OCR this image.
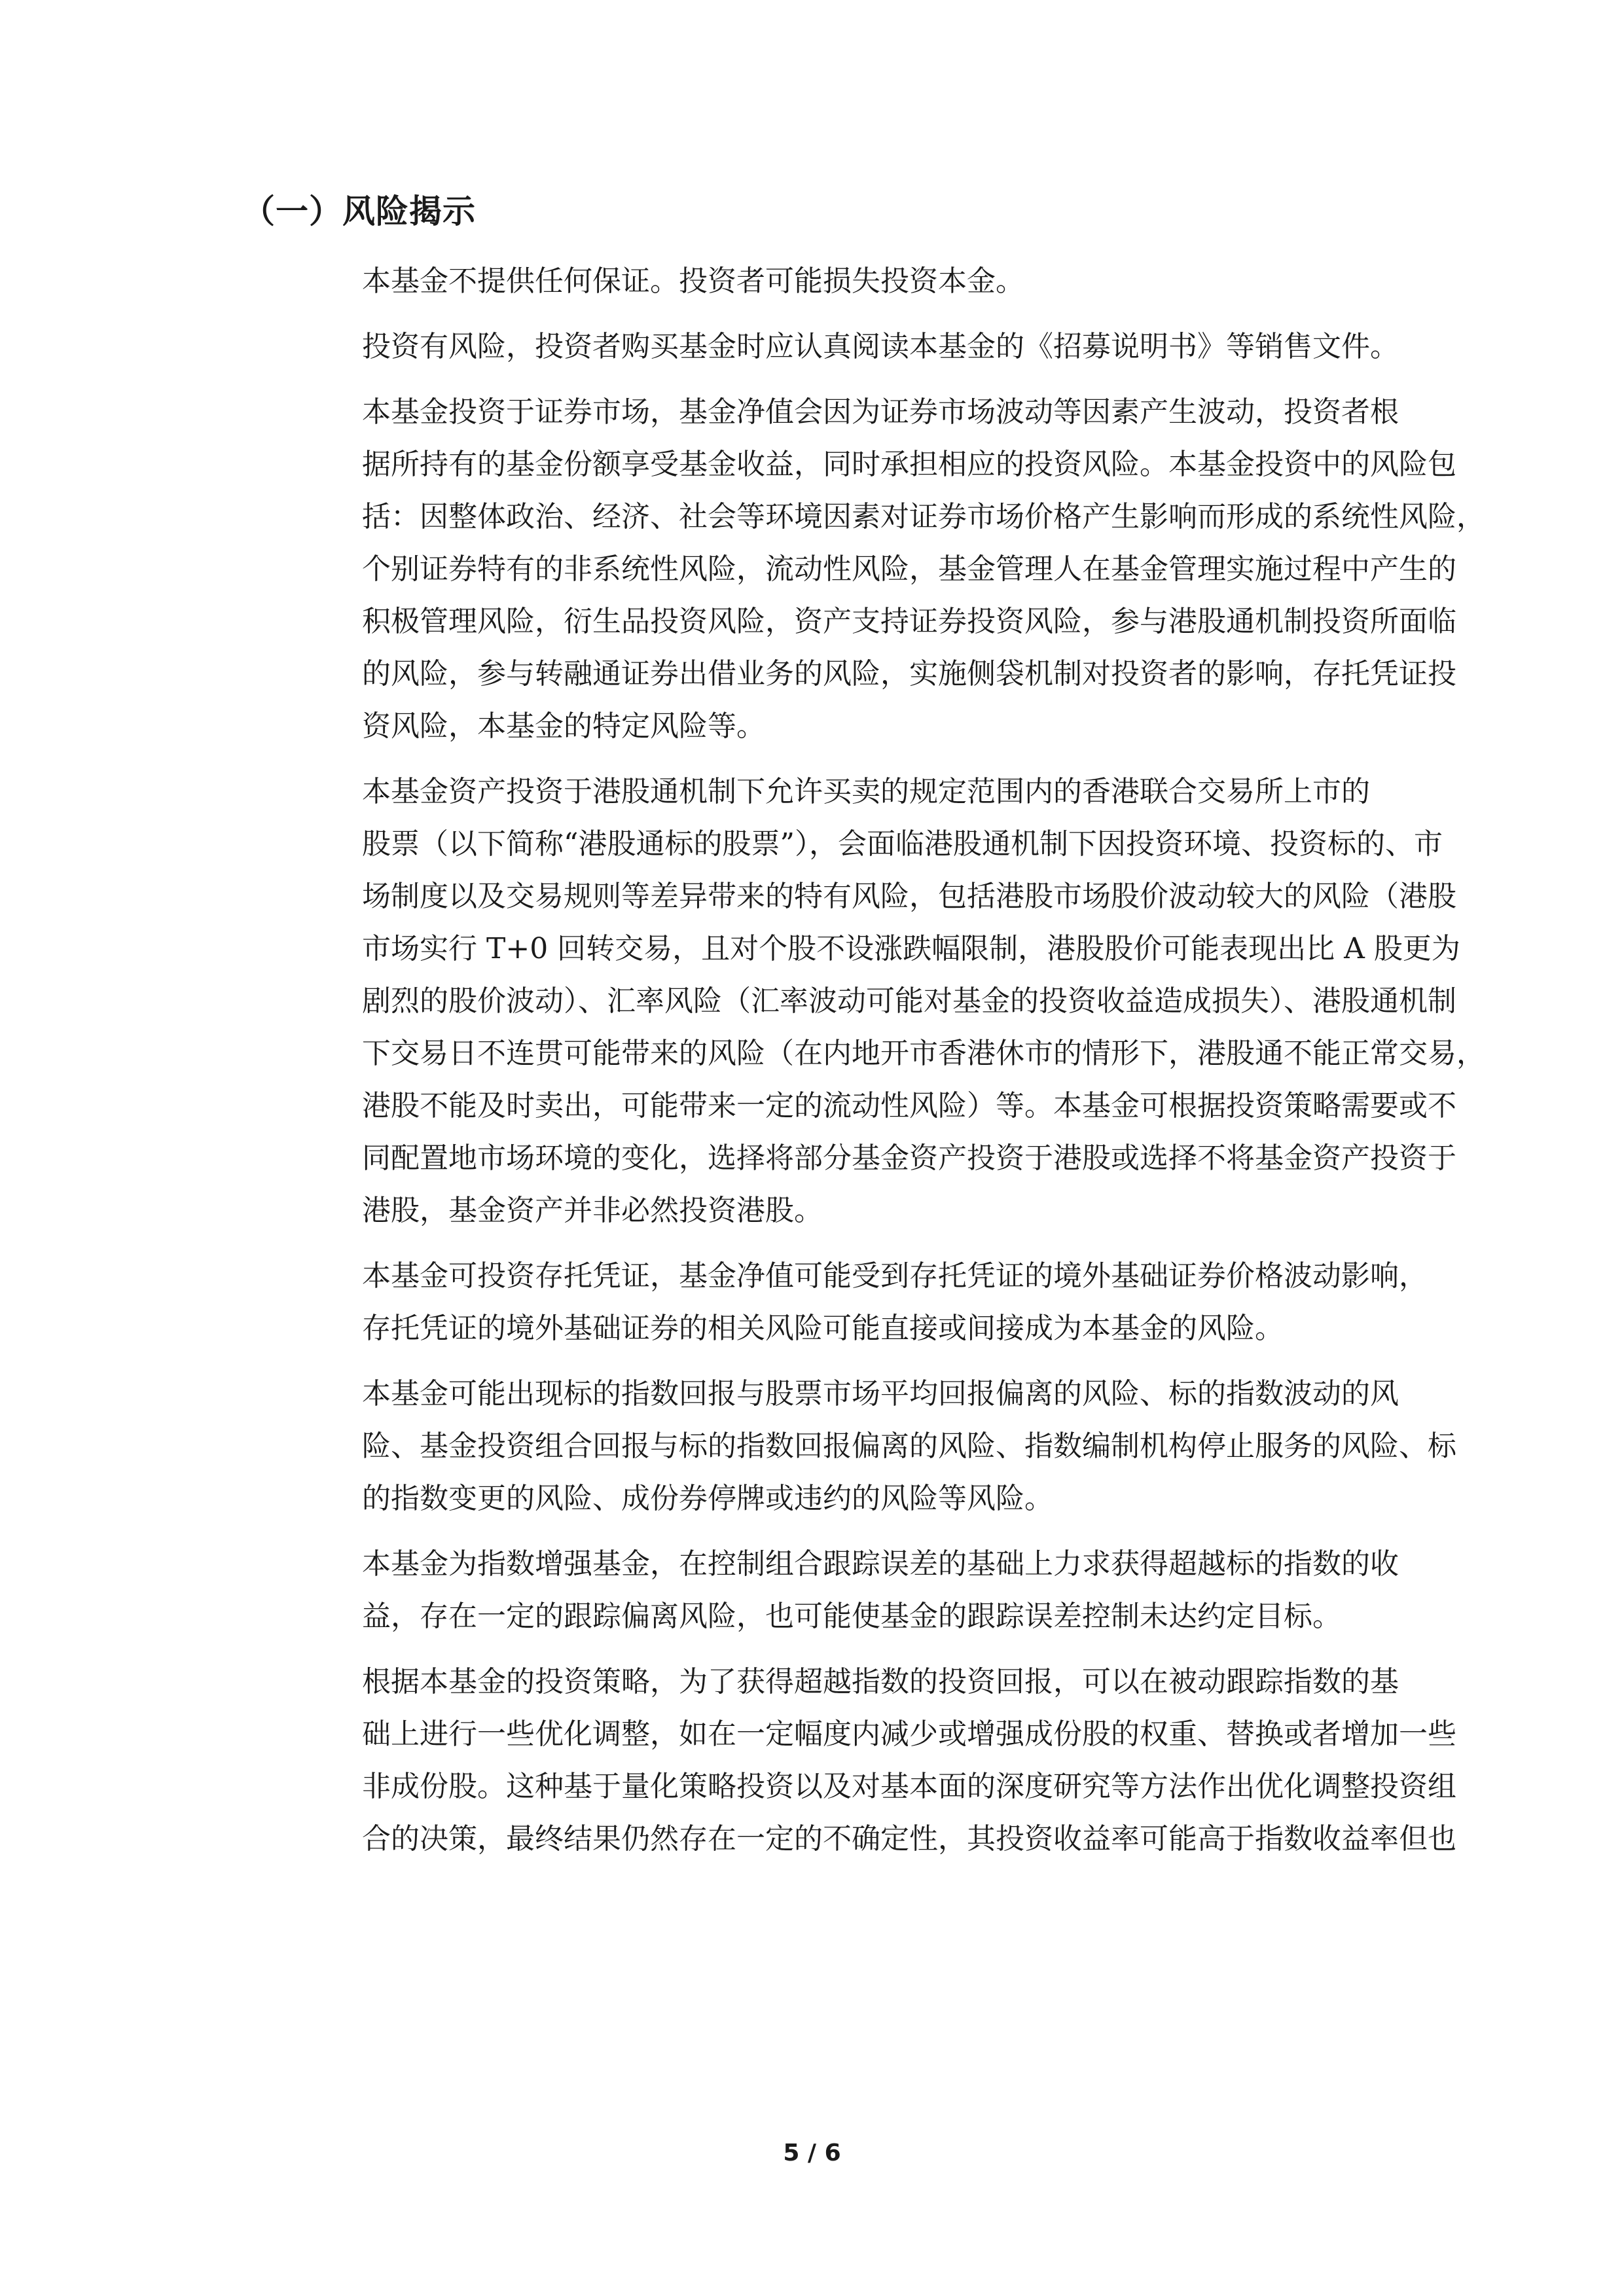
（一）风险揭示

本基金不提供任何保证。投资者可能损失投资本金。

投资有风险，投资者购买基金时应认真阅读本基金的《招募说明书》等销售文件。

本基金投资于证券市场，基金净值会因为证券市场波动等因素产生波动，投资者根
据所持有的基金份额享受基金收益，同时承担相应的投资风险。本基金投资中的风险包
括：因整体政治、经济、社会等环境因素对证券市场价格产生影响而形成的系统性风险，
个别证券特有的非系统性风险，流动性风险，基金管理人在基金管理实施过程中产生的
积极管理风险，衍生品投资风险，资产支持证券投资风险，参与港股通机制投资所面临
的风险，参与转融通证券出借业务的风险，实施侧袋机制对投资者的影响，存托凭证投
资风险，本基金的特定风险等。

本基金资产投资于港股通机制下允许买卖的规定范围内的香港联合交易所上市的
股票（以下简称“港股通标的股票”），会面临港股通机制下因投资环境、投资标的、市
场制度以及交易规则等差异带来的特有风险，包括港股市场股价波动较大的风险（港股
市场实行 T+0 回转交易，且对个股不设涨跌幅限制，港股股价可能表现出比 A 股更为
剧烈的股价波动）、汇率风险（汇率波动可能对基金的投资收益造成损失）、港股通机制
下交易日不连贯可能带来的风险（在内地开市香港休市的情形下，港股通不能正常交易，
港股不能及时卖出，可能带来一定的流动性风险）等。本基金可根据投资策略需要或不
同配置地市场环境的变化，选择将部分基金资产投资于港股或选择不将基金资产投资于
港股，基金资产并非必然投资港股。

本基金可投资存托凭证，基金净值可能受到存托凭证的境外基础证券价格波动影响，
存托凭证的境外基础证券的相关风险可能直接或间接成为本基金的风险。

本基金可能出现标的指数回报与股票市场平均回报偏离的风险、标的指数波动的风
险、基金投资组合回报与标的指数回报偏离的风险、指数编制机构停止服务的风险、标
的指数变更的风险、成份券停牌或违约的风险等风险。

本基金为指数增强基金，在控制组合跟踪误差的基础上力求获得超越标的指数的收
益，存在一定的跟踪偏离风险，也可能使基金的跟踪误差控制未达约定目标。

根据本基金的投资策略，为了获得超越指数的投资回报，可以在被动跟踪指数的基
础上进行一些优化调整，如在一定幅度内减少或增强成份股的权重、替换或者增加一些
非成份股。这种基于量化策略投资以及对基本面的深度研究等方法作出优化调整投资组
合的决策，最终结果仍然存在一定的不确定性，其投资收益率可能高于指数收益率但也

5 / 6
